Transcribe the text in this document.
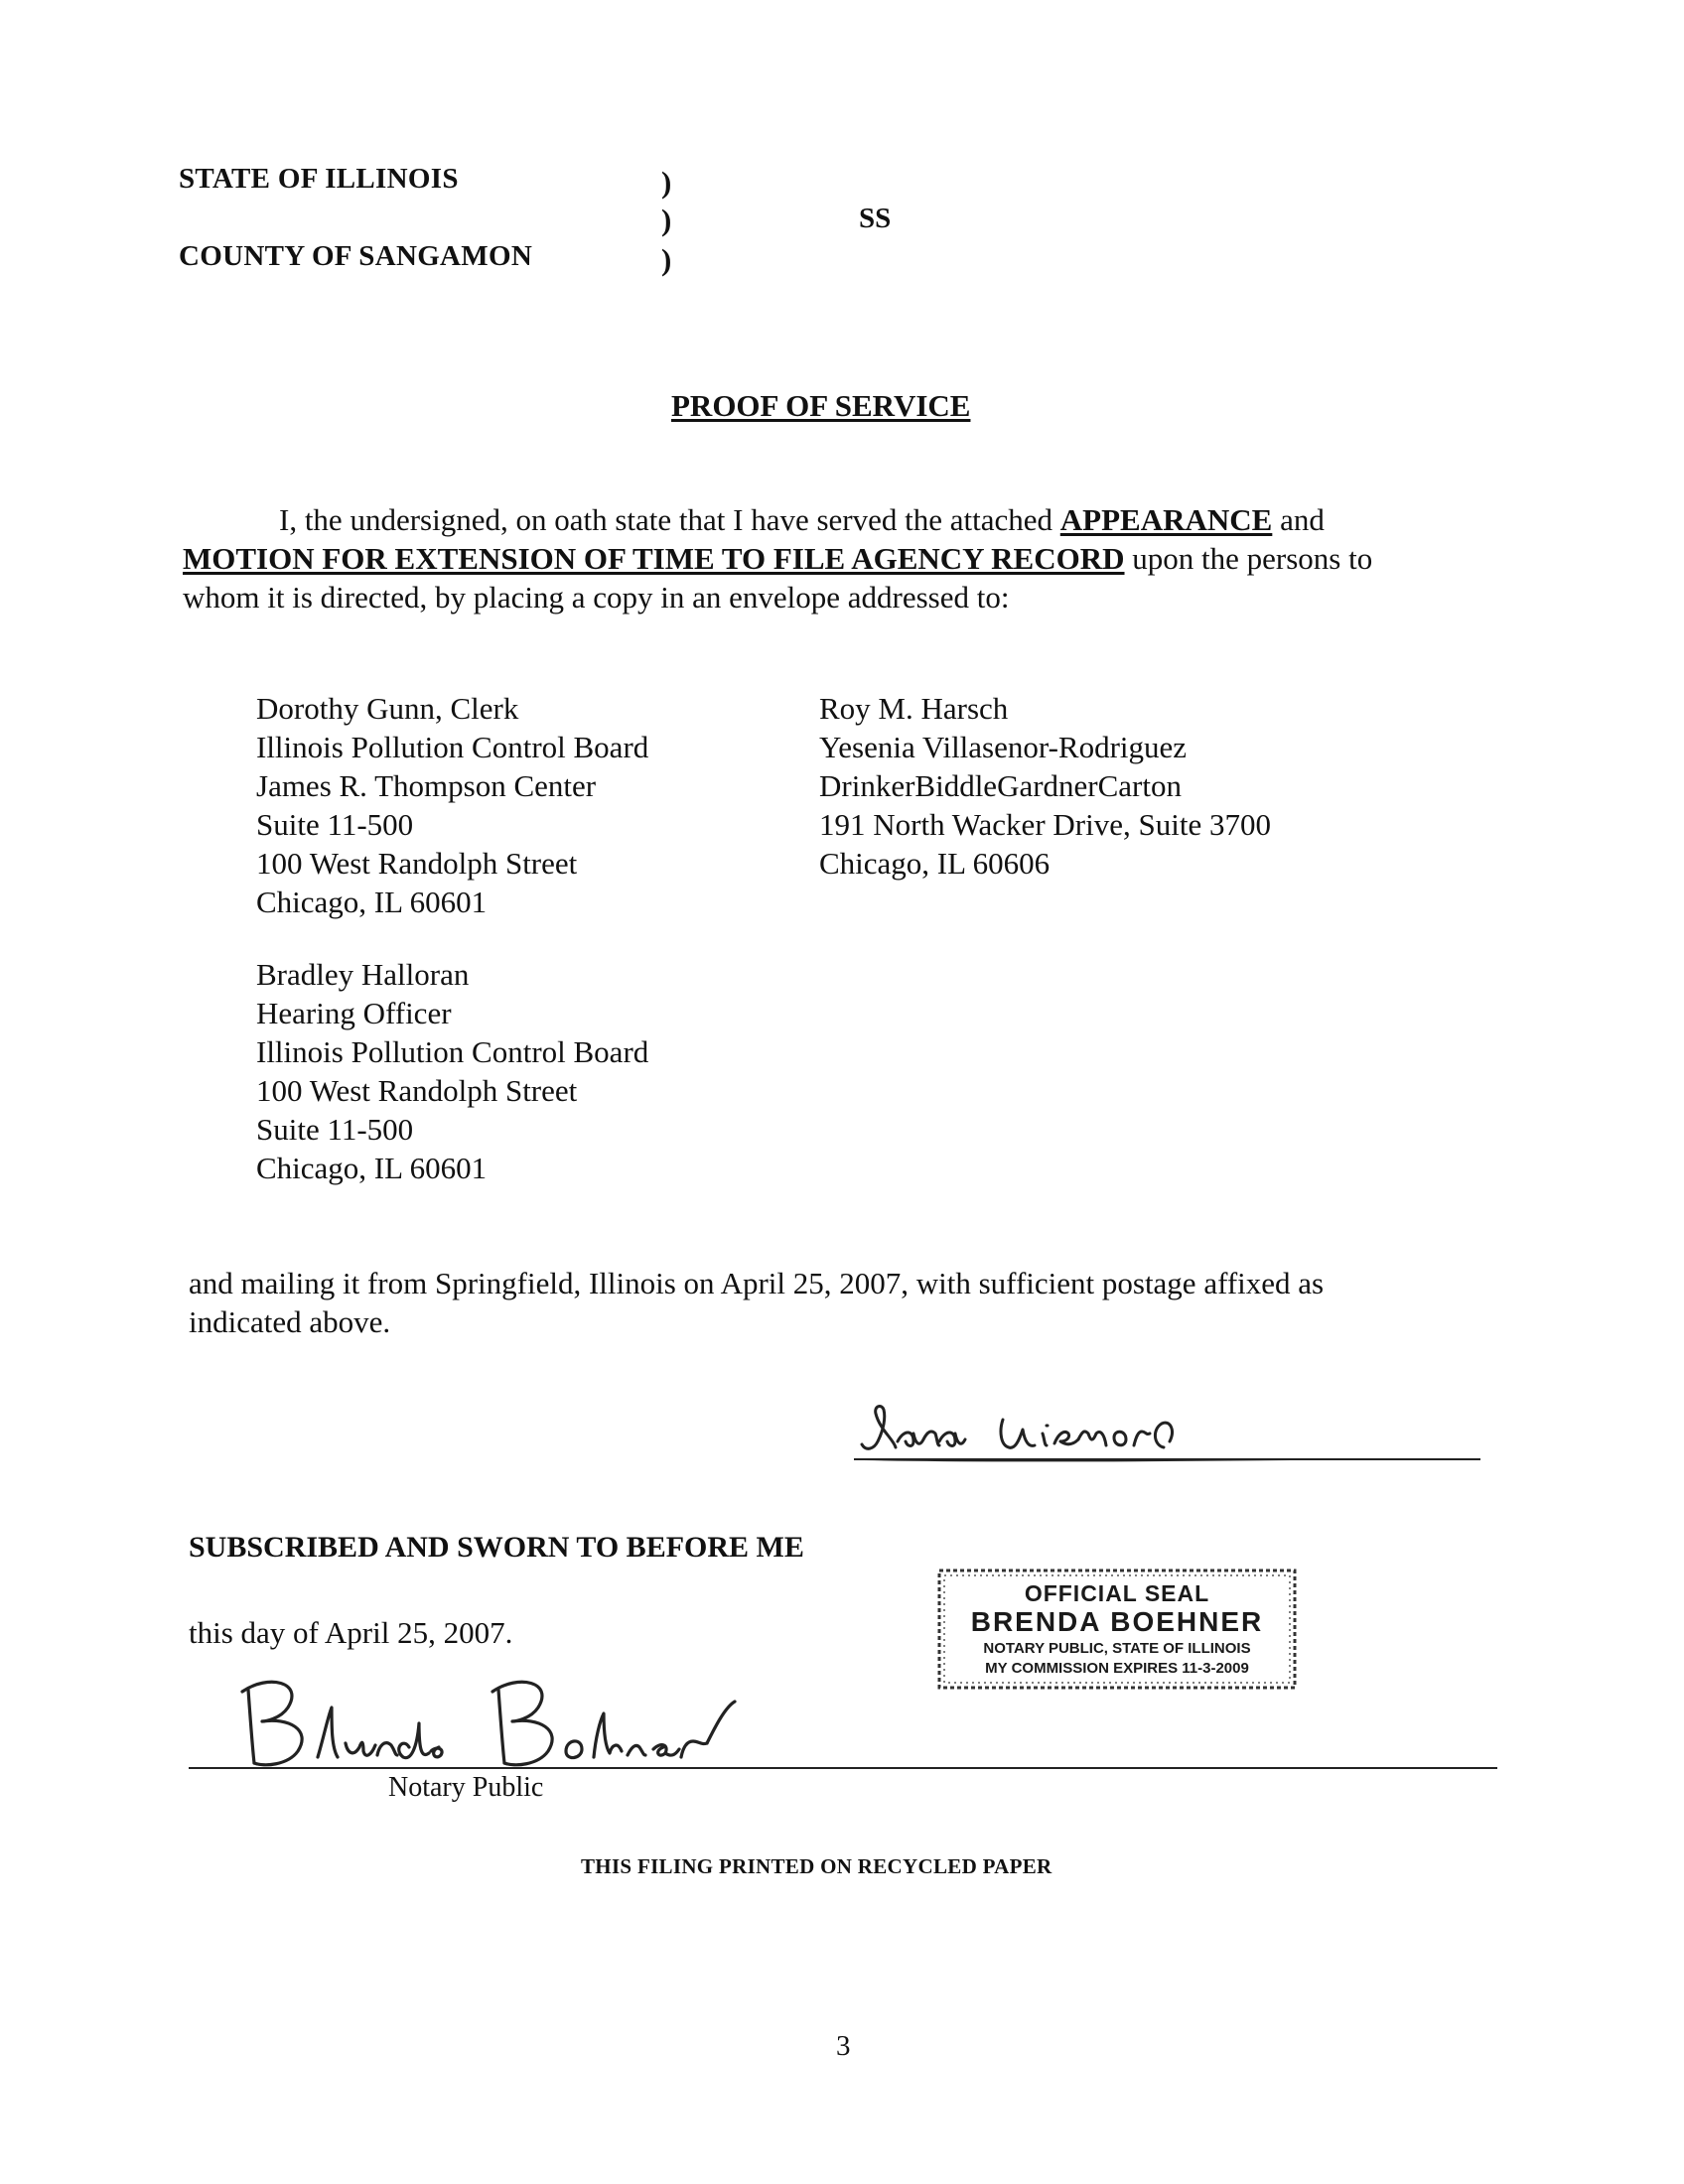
STATE OF ILLINOIS
COUNTY OF SANGAMON
)
)
)
SS
PROOF OF SERVICE
I, the undersigned, on oath state that I have served the attached APPEARANCE and
MOTION FOR EXTENSION OF TIME TO FILE AGENCY RECORD upon the persons to
whom it is directed, by placing a copy in an envelope addressed to:
Dorothy Gunn, Clerk
Illinois Pollution Control Board
James R. Thompson Center
Suite 11-500
100 West Randolph Street
Chicago, IL 60601
Roy M. Harsch
Yesenia Villasenor-Rodriguez
DrinkerBiddleGardnerCarton
191 North Wacker Drive, Suite 3700
Chicago, IL 60606
Bradley Halloran
Hearing Officer
Illinois Pollution Control Board
100 West Randolph Street
Suite 11-500
Chicago, IL 60601
and mailing it from Springfield, Illinois on April 25, 2007, with sufficient postage affixed as
indicated above.
SUBSCRIBED AND SWORN TO BEFORE ME
this day of April 25, 2007.
Notary Public
OFFICIAL SEAL
BRENDA BOEHNER
NOTARY PUBLIC, STATE OF ILLINOIS
MY COMMISSION EXPIRES 11-3-2009
THIS FILING PRINTED ON RECYCLED PAPER
3
